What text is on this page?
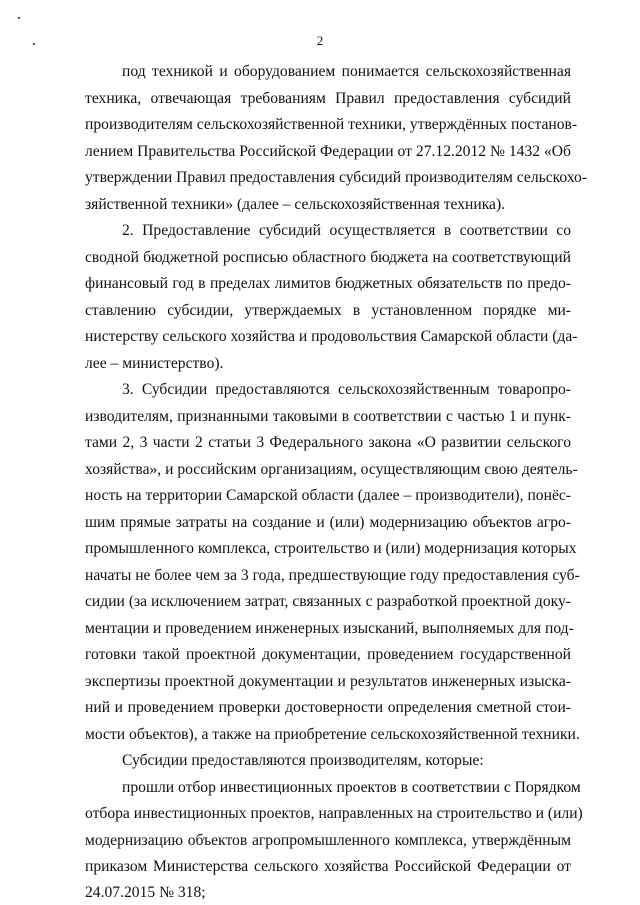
2
под техникой и оборудованием понимается сельскохозяйственная
техника, отвечающая требованиям Правил предоставления субсидий
производителям сельскохозяйственной техники, утверждённых постанов-
лением Правительства Российской Федерации от 27.12.2012 № 1432 «Об
утверждении Правил предоставления субсидий производителям сельскохо-
зяйственной техники» (далее – сельскохозяйственная техника).
2. Предоставление субсидий осуществляется в соответствии со
сводной бюджетной росписью областного бюджета на соответствующий
финансовый год в пределах лимитов бюджетных обязательств по предо-
ставлению субсидии, утверждаемых в установленном порядке ми-
нистерству сельского хозяйства и продовольствия Самарской области (да-
лее – министерство).
3. Субсидии предоставляются сельскохозяйственным товаропро-
изводителям, признанными таковыми в соответствии с частью 1 и пунк-
тами 2, 3 части 2 статьи 3 Федерального закона «О развитии сельского
хозяйства», и российским организациям, осуществляющим свою деятель-
ность на территории Самарской области (далее – производители), понёс-
шим прямые затраты на создание и (или) модернизацию объектов агро-
промышленного комплекса, строительство и (или) модернизация которых
начаты не более чем за 3 года, предшествующие году предоставления суб-
сидии (за исключением затрат, связанных с разработкой проектной доку-
ментации и проведением инженерных изысканий, выполняемых для под-
готовки такой проектной документации, проведением государственной
экспертизы проектной документации и результатов инженерных изыска-
ний и проведением проверки достоверности определения сметной стои-
мости объектов), а также на приобретение сельскохозяйственной техники.
Субсидии предоставляются производителям, которые:
прошли отбор инвестиционных проектов в соответствии с Порядком
отбора инвестиционных проектов, направленных на строительство и (или)
модернизацию объектов агропромышленного комплекса, утверждённым
приказом Министерства сельского хозяйства Российской Федерации от
24.07.2015 № 318;
